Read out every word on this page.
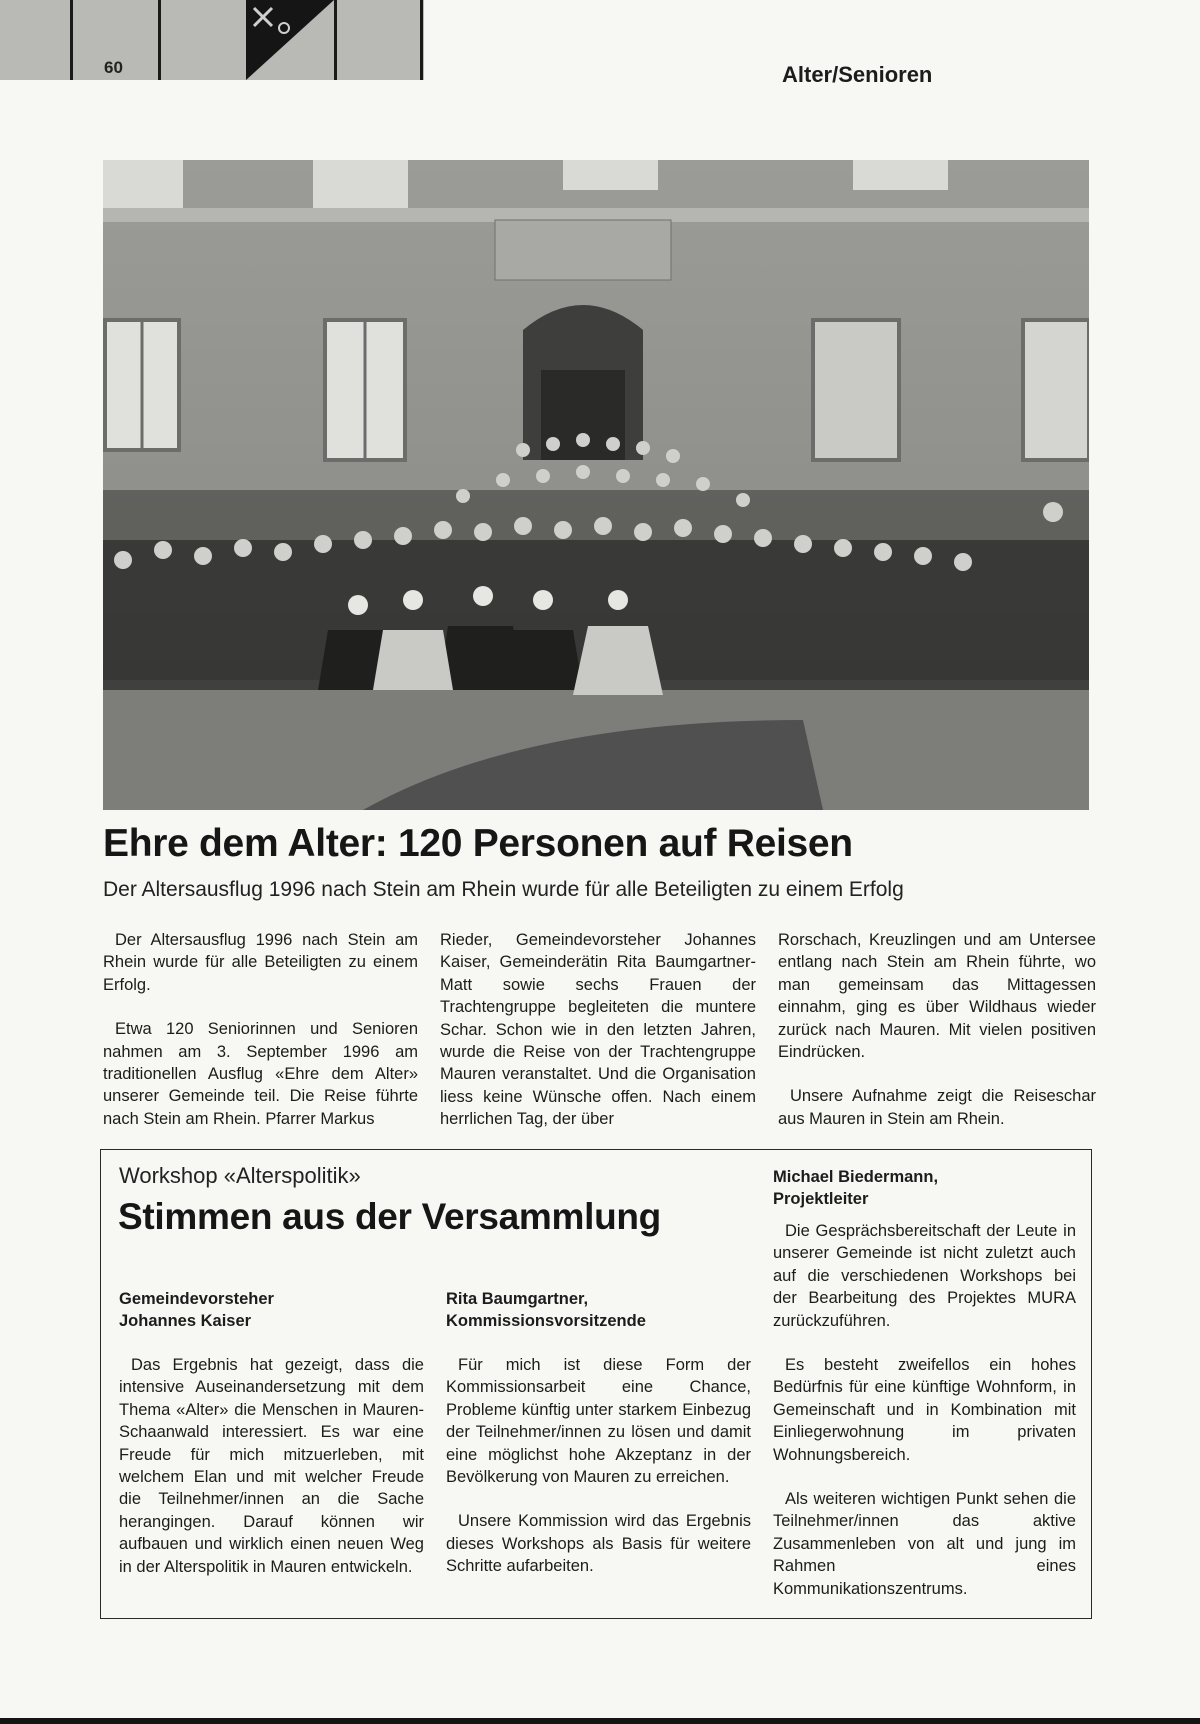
60	Alter/Senioren
Ehre dem Alter: 120 Personen auf Reisen
Der Altersausflug 1996 nach Stein am Rhein wurde für alle Beteiligten zu einem Erfolg

Der Altersausflug 1996 nach Stein am Rhein wurde für alle Beteiligten zu einem Erfolg.

Etwa 120 Seniorinnen und Senioren nahmen am 3. September 1996 am traditionellen Ausflug «Ehre dem Alter» unserer Gemeinde teil. Die Reise führte nach Stein am Rhein. Pfarrer Markus

Rieder, Gemeindevorsteher Johannes Kaiser, Gemeinderätin Rita Baumgartner-Matt sowie sechs Frauen der Trachtengruppe begleiteten die muntere Schar. Schon wie in den letzten Jahren, wurde die Reise von der Trachtengruppe Mauren veranstaltet. Und die Organisation liess keine Wünsche offen. Nach einem herrlichen Tag, der über

Rorschach, Kreuzlingen und am Untersee entlang nach Stein am Rhein führte, wo man gemeinsam das Mittagessen einnahm, ging es über Wildhaus wieder zurück nach Mauren. Mit vielen positiven Eindrücken.

Unsere Aufnahme zeigt die Reiseschar aus Mauren in Stein am Rhein.

Workshop «Alterspolitik»
Stimmen aus der Versammlung
Gemeindevorsteher
Johannes Kaiser

Das Ergebnis hat gezeigt, dass die intensive Auseinandersetzung mit dem Thema «Alter» die Menschen in Mauren-Schaanwald interessiert. Es war eine Freude für mich mitzuerleben, mit welchem Elan und mit welcher Freude die Teilnehmer/innen an die Sache herangingen. Darauf können wir aufbauen und wirklich einen neuen Weg in der Alterspolitik in Mauren entwickeln.

Rita Baumgartner,
Kommissionsvorsitzende

Für mich ist diese Form der Kommissionsarbeit eine Chance, Probleme künftig unter starkem Einbezug der Teilnehmer/innen zu lösen und damit eine möglichst hohe Akzeptanz in der Bevölkerung von Mauren zu erreichen.

Unsere Kommission wird das Ergebnis dieses Workshops als Basis für weitere Schritte aufarbeiten.

Michael Biedermann,
Projektleiter

Die Gesprächsbereitschaft der Leute in unserer Gemeinde ist nicht zuletzt auch auf die verschiedenen Workshops bei der Bearbeitung des Projektes MURA zurückzuführen.

Es besteht zweifellos ein hohes Bedürfnis für eine künftige Wohnform, in Gemeinschaft und in Kombination mit Einliegerwohnung im privaten Wohnungsbereich.

Als weiteren wichtigen Punkt sehen die Teilnehmer/innen das aktive Zusammenleben von alt und jung im Rahmen eines Kommunikationszentrums.
